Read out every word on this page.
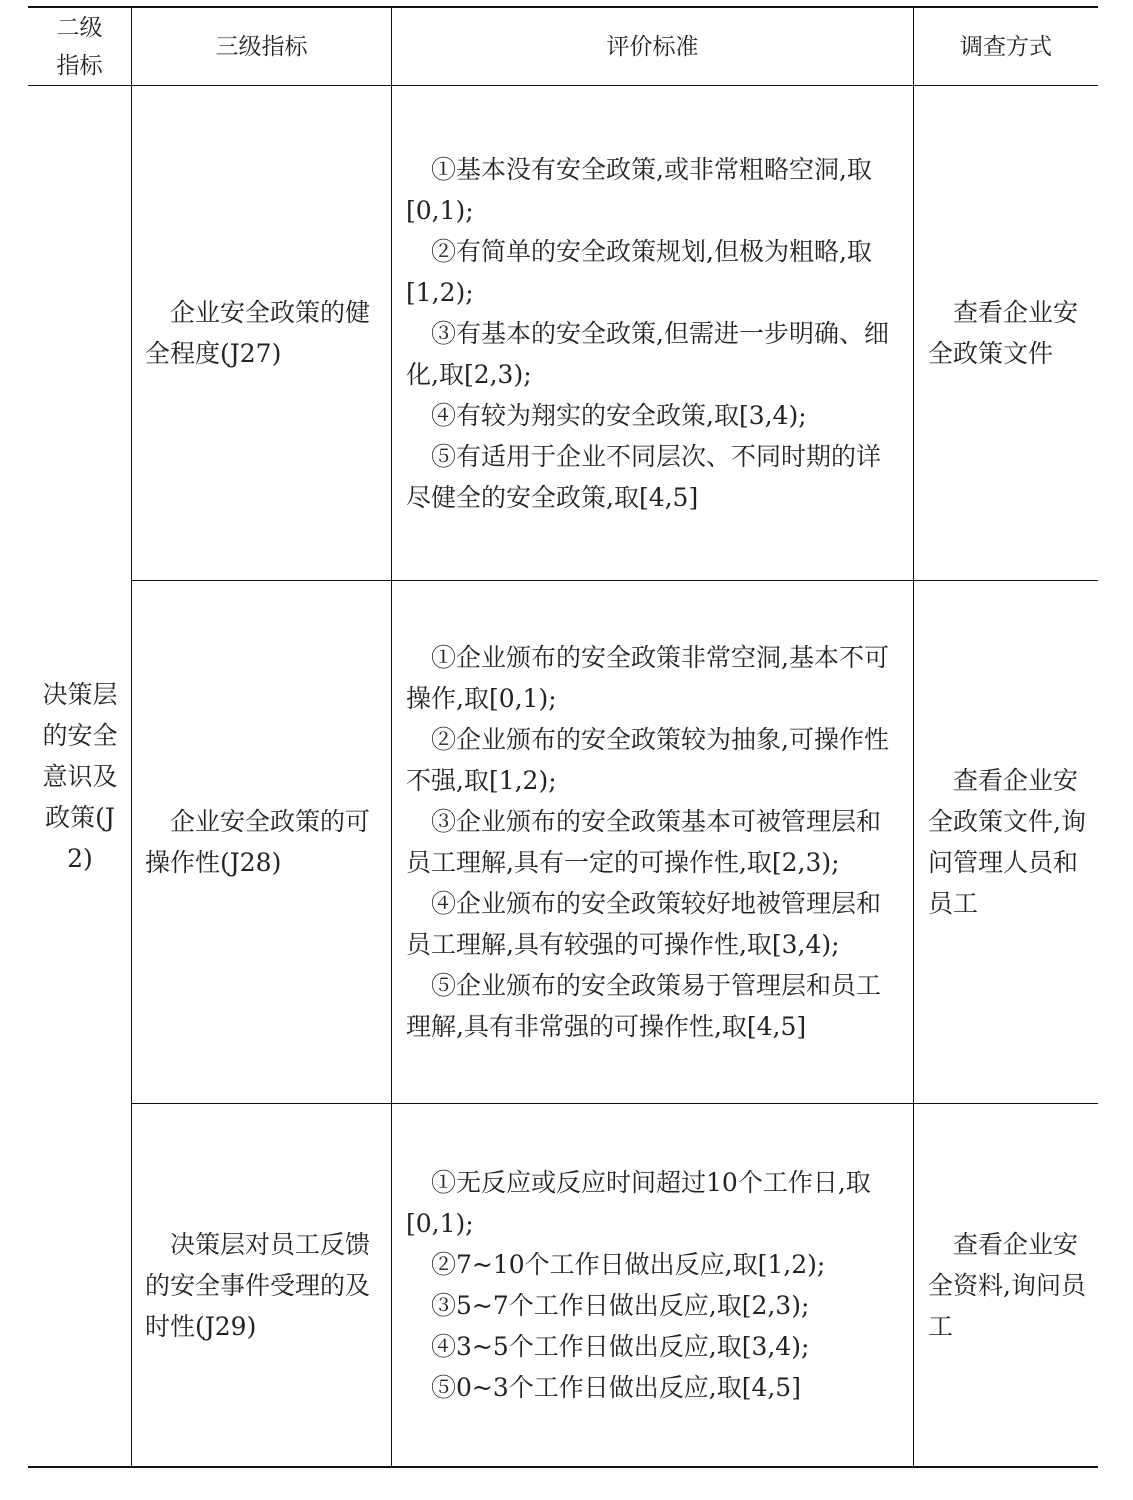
二级
指标
三级指标	评价标准	调查方式
决策层的安全意识及政策(J2)

企业安全政策的健全程度(J27)

①基本没有安全政策,或非常粗略空洞,取[0,1);

②有简单的安全政策规划,但极为粗略,取[1,2);

③有基本的安全政策,但需进一步明确、细化,取[2,3);

④有较为翔实的安全政策,取[3,4);

⑤有适用于企业不同层次、不同时期的详尽健全的安全政策,取[4,5]

查看企业安全政策文件

企业安全政策的可操作性(J28)

①企业颁布的安全政策非常空洞,基本不可操作,取[0,1);

②企业颁布的安全政策较为抽象,可操作性不强,取[1,2);

③企业颁布的安全政策基本可被管理层和员工理解,具有一定的可操作性,取[2,3);

④企业颁布的安全政策较好地被管理层和员工理解,具有较强的可操作性,取[3,4);

⑤企业颁布的安全政策易于管理层和员工理解,具有非常强的可操作性,取[4,5]

查看企业安全政策文件,询问管理人员和员工

决策层对员工反馈的安全事件受理的及时性(J29)

①无反应或反应时间超过10个工作日,取[0,1);

②7~10个工作日做出反应,取[1,2);

③5~7个工作日做出反应,取[2,3);

④3~5个工作日做出反应,取[3,4);

⑤0~3个工作日做出反应,取[4,5]

查看企业安全资料,询问员工
